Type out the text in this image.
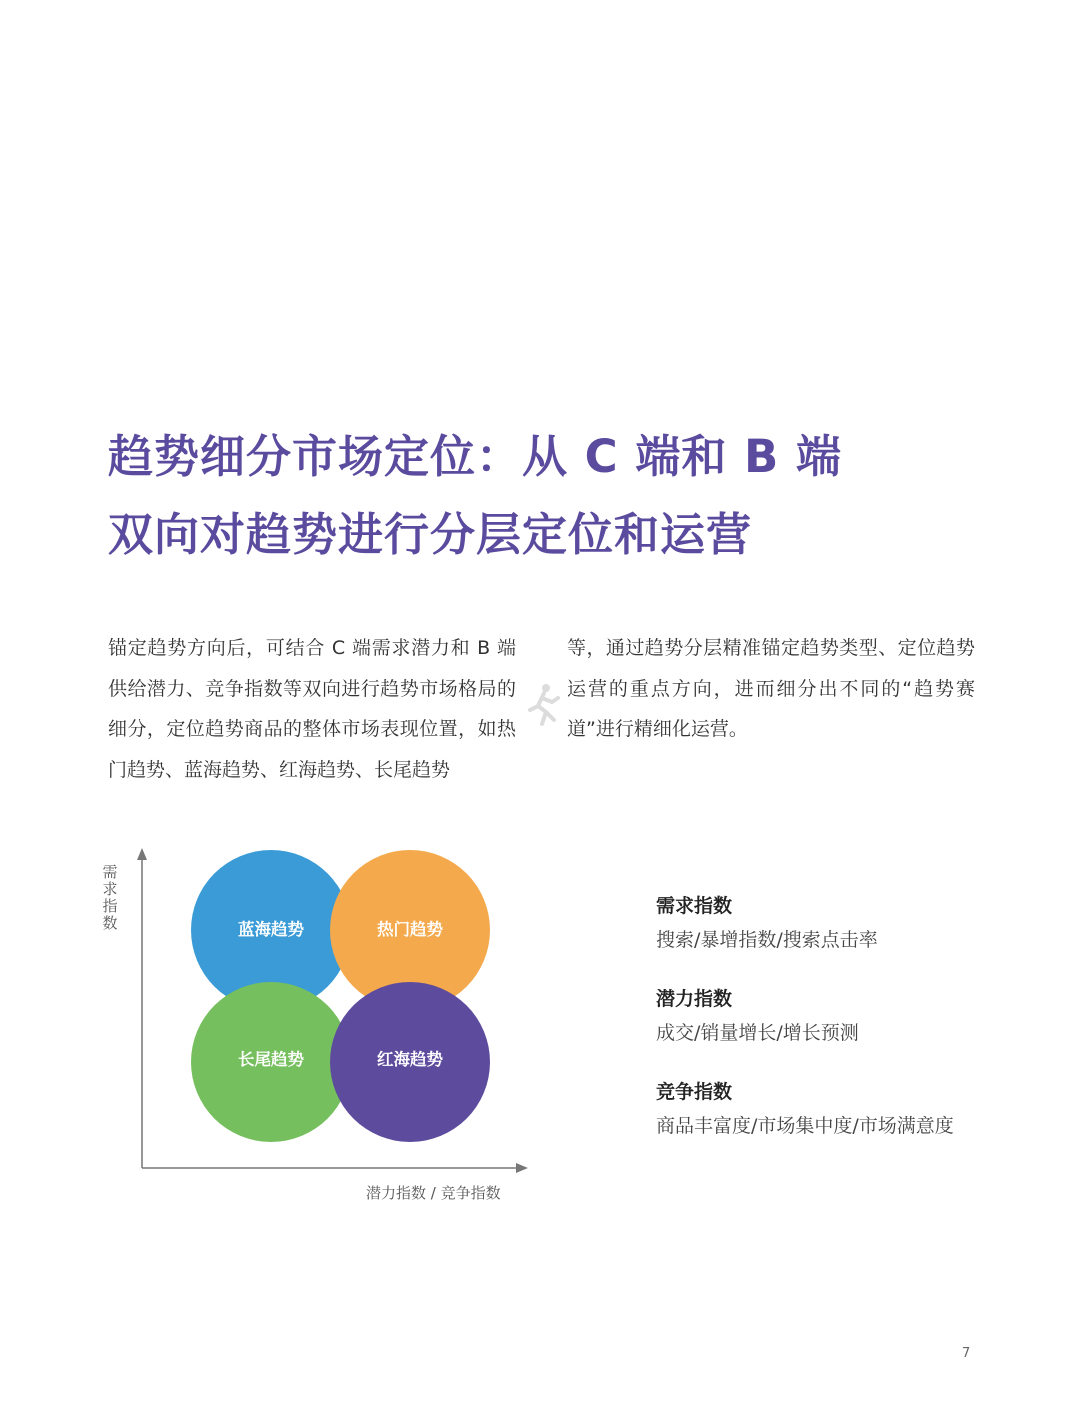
趋势细分市场定位：从 C 端和 B 端
双向对趋势进行分层定位和运营
锚定趋势方向后，可结合 C 端需求潜力和 B 端供给潜力、竞争指数等双向进行趋势市场格局的细分，定位趋势商品的整体市场表现位置，如热门趋势、蓝海趋势、红海趋势、长尾趋势
等，通过趋势分层精准锚定趋势类型、定位趋势运营的重点方向，进而细分出不同的“趋势赛道”进行精细化运营。
需
求
指
数	蓝海趋势	热门趋势
长尾趋势	红海趋势
潜力指数 / 竞争指数
需求指数
搜索/暴增指数/搜索点击率
潜力指数
成交/销量增长/增长预测
竞争指数
商品丰富度/市场集中度/市场满意度
7
